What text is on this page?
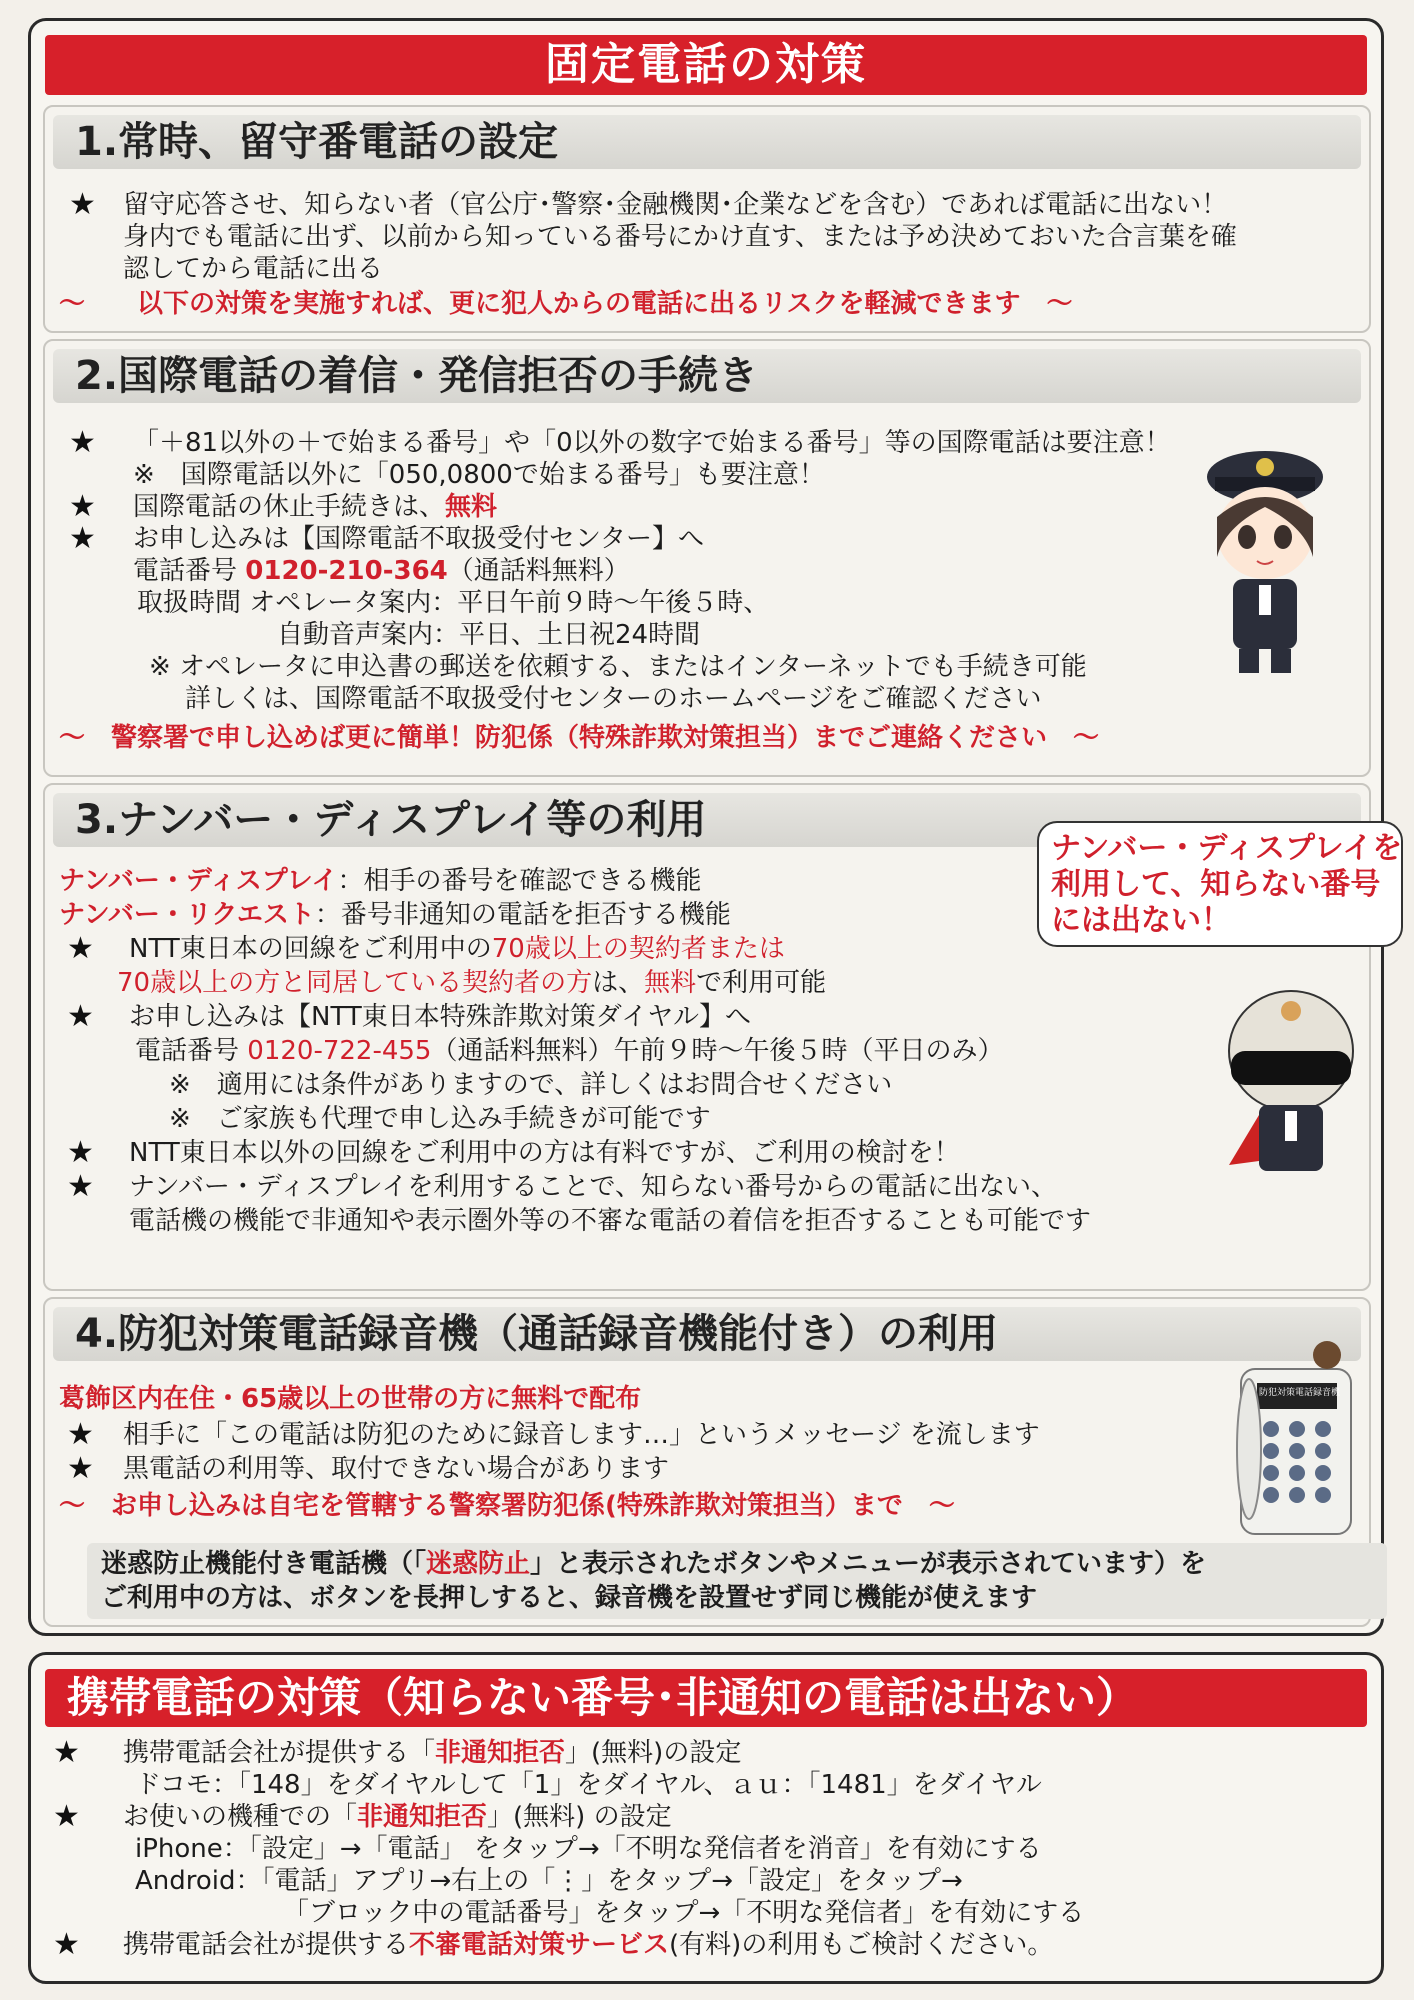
固定電話の対策
1.常時、留守番電話の設定
★ 留守応答させ、知らない者（官公庁･警察･金融機関･企業などを含む）であれば電話に出ない！
身内でも電話に出ず、以前から知っている番号にかけ直す、または予め決めておいた合言葉を確
認してから電話に出る
～　　以下の対策を実施すれば、更に犯人からの電話に出るリスクを軽減できます　～
2.国際電話の着信・発信拒否の手続き
★ 「＋81以外の＋で始まる番号」や「0以外の数字で始まる番号」等の国際電話は要注意！
※　国際電話以外に「050,0800で始まる番号」も要注意！
★ 国際電話の休止手続きは、無料
★ お申し込みは【国際電話不取扱受付センター】へ
電話番号 0120-210-364（通話料無料）
取扱時間 オペレータ案内：平日午前９時～午後５時、
自動音声案内：平日、土日祝24時間
※ オペレータに申込書の郵送を依頼する、またはインターネットでも手続き可能
詳しくは、国際電話不取扱受付センターのホームページをご確認ください
～　警察署で申し込めば更に簡単！防犯係（特殊詐欺対策担当）までご連絡ください　～
3.ナンバー・ディスプレイ等の利用
ナンバー・ディスプレイ：相手の番号を確認できる機能
ナンバー・リクエスト：番号非通知の電話を拒否する機能
★ NTT東日本の回線をご利用中の70歳以上の契約者または
70歳以上の方と同居している契約者の方は、無料で利用可能
★ お申し込みは【NTT東日本特殊詐欺対策ダイヤル】へ
電話番号 0120-722-455（通話料無料）午前９時～午後５時（平日のみ）
※　適用には条件がありますので、詳しくはお問合せください
※　ご家族も代理で申し込み手続きが可能です
★ NTT東日本以外の回線をご利用中の方は有料ですが、ご利用の検討を！
★ ナンバー・ディスプレイを利用することで、知らない番号からの電話に出ない、
電話機の機能で非通知や表示圏外等の不審な電話の着信を拒否することも可能です
ナンバー・ディスプレイを
利用して、知らない番号
には出ない！
4.防犯対策電話録音機（通話録音機能付き）の利用
葛飾区内在住・65歳以上の世帯の方に無料で配布
★ 相手に「この電話は防犯のために録音します…」というメッセージ を流します
★ 黒電話の利用等、取付できない場合があります
～　お申し込みは自宅を管轄する警察署防犯係(特殊詐欺対策担当）まで　～
防犯対策電話録音機
迷惑防止機能付き電話機（「迷惑防止」と表示されたボタンやメニューが表示されています）を
ご利用中の方は、ボタンを長押しすると、録音機を設置せず同じ機能が使えます
携帯電話の対策（知らない番号･非通知の電話は出ない）
★ 携帯電話会社が提供する「非通知拒否」(無料)の設定
ドコモ：「148」をダイヤルして「1」をダイヤル、ａｕ：「1481」をダイヤル
★ お使いの機種での「非通知拒否」(無料) の設定
iPhone：「設定」→「電話」 をタップ→「不明な発信者を消音」を有効にする
Android：「電話」アプリ→右上の「⋮」をタップ→「設定」をタップ→
「ブロック中の電話番号」をタップ→「不明な発信者」を有効にする
★ 携帯電話会社が提供する不審電話対策サービス(有料)の利用もご検討ください。
